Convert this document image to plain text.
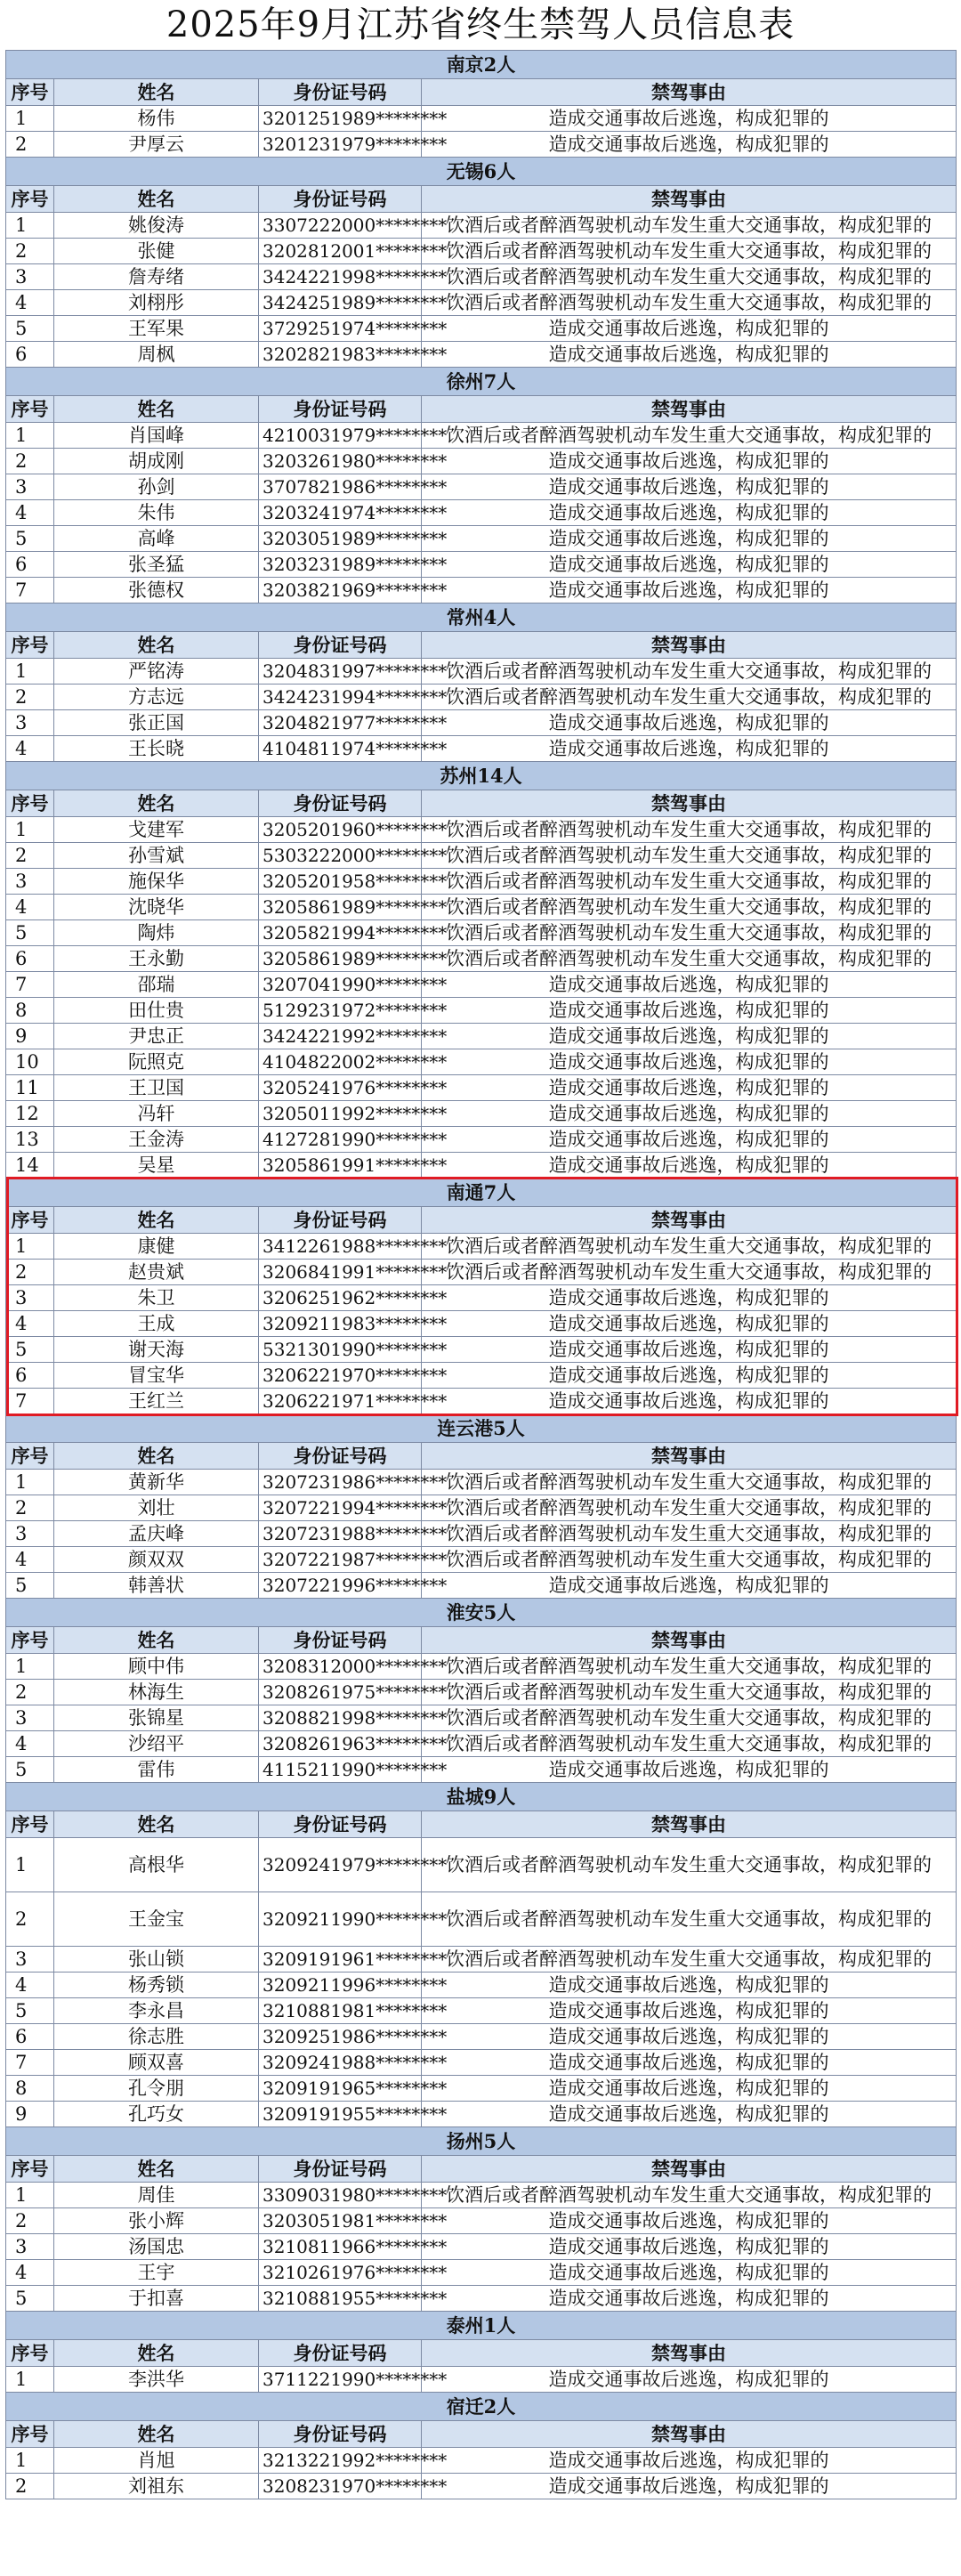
2025年9月江苏省终生禁驾人员信息表
南京2人			
序号	姓名	身份证号码	禁驾事由
1	杨伟	3201251989********	造成交通事故后逃逸，构成犯罪的
2	尹厚云	3201231979********	造成交通事故后逃逸，构成犯罪的
无锡6人			
序号	姓名	身份证号码	禁驾事由
1	姚俊涛	3307222000********	饮酒后或者醉酒驾驶机动车发生重大交通事故，构成犯罪的
2	张健	3202812001********	饮酒后或者醉酒驾驶机动车发生重大交通事故，构成犯罪的
3	詹寿绪	3424221998********	饮酒后或者醉酒驾驶机动车发生重大交通事故，构成犯罪的
4	刘栩彤	3424251989********	饮酒后或者醉酒驾驶机动车发生重大交通事故，构成犯罪的
5	王军果	3729251974********	造成交通事故后逃逸，构成犯罪的
6	周枫	3202821983********	造成交通事故后逃逸，构成犯罪的
徐州7人			
序号	姓名	身份证号码	禁驾事由
1	肖国峰	4210031979********	饮酒后或者醉酒驾驶机动车发生重大交通事故，构成犯罪的
2	胡成刚	3203261980********	造成交通事故后逃逸，构成犯罪的
3	孙剑	3707821986********	造成交通事故后逃逸，构成犯罪的
4	朱伟	3203241974********	造成交通事故后逃逸，构成犯罪的
5	高峰	3203051989********	造成交通事故后逃逸，构成犯罪的
6	张圣猛	3203231989********	造成交通事故后逃逸，构成犯罪的
7	张德权	3203821969********	造成交通事故后逃逸，构成犯罪的
常州4人			
序号	姓名	身份证号码	禁驾事由
1	严铭涛	3204831997********	饮酒后或者醉酒驾驶机动车发生重大交通事故，构成犯罪的
2	方志远	3424231994********	饮酒后或者醉酒驾驶机动车发生重大交通事故，构成犯罪的
3	张正国	3204821977********	造成交通事故后逃逸，构成犯罪的
4	王长晓	4104811974********	造成交通事故后逃逸，构成犯罪的
苏州14人			
序号	姓名	身份证号码	禁驾事由
1	戈建军	3205201960********	饮酒后或者醉酒驾驶机动车发生重大交通事故，构成犯罪的
2	孙雪斌	5303222000********	饮酒后或者醉酒驾驶机动车发生重大交通事故，构成犯罪的
3	施保华	3205201958********	饮酒后或者醉酒驾驶机动车发生重大交通事故，构成犯罪的
4	沈晓华	3205861989********	饮酒后或者醉酒驾驶机动车发生重大交通事故，构成犯罪的
5	陶炜	3205821994********	饮酒后或者醉酒驾驶机动车发生重大交通事故，构成犯罪的
6	王永勤	3205861989********	饮酒后或者醉酒驾驶机动车发生重大交通事故，构成犯罪的
7	邵瑞	3207041990********	造成交通事故后逃逸，构成犯罪的
8	田仕贵	5129231972********	造成交通事故后逃逸，构成犯罪的
9	尹忠正	3424221992********	造成交通事故后逃逸，构成犯罪的
10	阮照克	4104822002********	造成交通事故后逃逸，构成犯罪的
11	王卫国	3205241976********	造成交通事故后逃逸，构成犯罪的
12	冯轩	3205011992********	造成交通事故后逃逸，构成犯罪的
13	王金涛	4127281990********	造成交通事故后逃逸，构成犯罪的
14	吴星	3205861991********	造成交通事故后逃逸，构成犯罪的
南通7人			
序号	姓名	身份证号码	禁驾事由
1	康健	3412261988********	饮酒后或者醉酒驾驶机动车发生重大交通事故，构成犯罪的
2	赵贵斌	3206841991********	饮酒后或者醉酒驾驶机动车发生重大交通事故，构成犯罪的
3	朱卫	3206251962********	造成交通事故后逃逸，构成犯罪的
4	王成	3209211983********	造成交通事故后逃逸，构成犯罪的
5	谢天海	5321301990********	造成交通事故后逃逸，构成犯罪的
6	冒宝华	3206221970********	造成交通事故后逃逸，构成犯罪的
7	王红兰	3206221971********	造成交通事故后逃逸，构成犯罪的
连云港5人			
序号	姓名	身份证号码	禁驾事由
1	黄新华	3207231986********	饮酒后或者醉酒驾驶机动车发生重大交通事故，构成犯罪的
2	刘壮	3207221994********	饮酒后或者醉酒驾驶机动车发生重大交通事故，构成犯罪的
3	孟庆峰	3207231988********	饮酒后或者醉酒驾驶机动车发生重大交通事故，构成犯罪的
4	颜双双	3207221987********	饮酒后或者醉酒驾驶机动车发生重大交通事故，构成犯罪的
5	韩善状	3207221996********	造成交通事故后逃逸，构成犯罪的
淮安5人			
序号	姓名	身份证号码	禁驾事由
1	顾中伟	3208312000********	饮酒后或者醉酒驾驶机动车发生重大交通事故，构成犯罪的
2	林海生	3208261975********	饮酒后或者醉酒驾驶机动车发生重大交通事故，构成犯罪的
3	张锦星	3208821998********	饮酒后或者醉酒驾驶机动车发生重大交通事故，构成犯罪的
4	沙绍平	3208261963********	饮酒后或者醉酒驾驶机动车发生重大交通事故，构成犯罪的
5	雷伟	4115211990********	造成交通事故后逃逸，构成犯罪的
盐城9人			
序号	姓名	身份证号码	禁驾事由
1	高根华	3209241979********	饮酒后或者醉酒驾驶机动车发生重大交通事故，构成犯罪的
2	王金宝	3209211990********	饮酒后或者醉酒驾驶机动车发生重大交通事故，构成犯罪的
3	张山锁	3209191961********	饮酒后或者醉酒驾驶机动车发生重大交通事故，构成犯罪的
4	杨秀锁	3209211996********	造成交通事故后逃逸，构成犯罪的
5	李永昌	3210881981********	造成交通事故后逃逸，构成犯罪的
6	徐志胜	3209251986********	造成交通事故后逃逸，构成犯罪的
7	顾双喜	3209241988********	造成交通事故后逃逸，构成犯罪的
8	孔令朋	3209191965********	造成交通事故后逃逸，构成犯罪的
9	孔巧女	3209191955********	造成交通事故后逃逸，构成犯罪的
扬州5人			
序号	姓名	身份证号码	禁驾事由
1	周佳	3309031980********	饮酒后或者醉酒驾驶机动车发生重大交通事故，构成犯罪的
2	张小辉	3203051981********	造成交通事故后逃逸，构成犯罪的
3	汤国忠	3210811966********	造成交通事故后逃逸，构成犯罪的
4	王宇	3210261976********	造成交通事故后逃逸，构成犯罪的
5	于扣喜	3210881955********	造成交通事故后逃逸，构成犯罪的
泰州1人			
序号	姓名	身份证号码	禁驾事由
1	李洪华	3711221990********	造成交通事故后逃逸，构成犯罪的
宿迁2人			
序号	姓名	身份证号码	禁驾事由
1	肖旭	3213221992********	造成交通事故后逃逸，构成犯罪的
2	刘祖东	3208231970********	造成交通事故后逃逸，构成犯罪的
